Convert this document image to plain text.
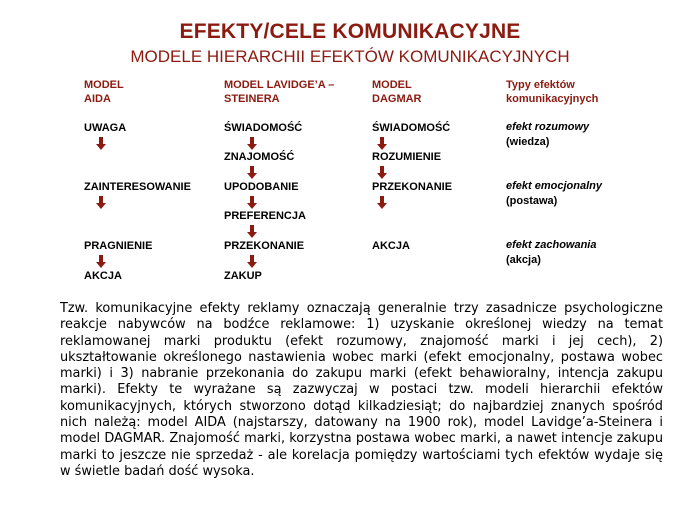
EFEKTY/CELE KOMUNIKACYJNE
MODELE HIERARCHII EFEKTÓW KOMUNIKACYJNYCH
MODEL
AIDA
MODEL LAVIDGE’A –
STEINERA
MODEL
DAGMAR
Typy efektów
komunikacyjnych
UWAGA
ZAINTERESOWANIE
PRAGNIENIE
AKCJA
ŚWIADOMOŚĆ
ZNAJOMOŚĆ
UPODOBANIE
PREFERENCJA
PRZEKONANIE
ZAKUP
ŚWIADOMOŚĆ
ROZUMIENIE
PRZEKONANIE
AKCJA
efekt rozumowy
(wiedza)
efekt emocjonalny
(postawa)
efekt zachowania
(akcja)
Tzw. komunikacyjne efekty reklamy oznaczają generalnie trzy zasadnicze psychologiczne reakcje nabywców na bodźce reklamowe: 1) uzyskanie określonej wiedzy na temat reklamowanej marki produktu (efekt rozumowy, znajomość marki i jej cech), 2) ukształtowanie określonego nastawienia wobec marki (efekt emocjonalny, postawa wobec marki) i 3) nabranie przekonania do zakupu marki (efekt behawioralny, intencja zakupu marki). Efekty te wyrażane są zazwyczaj w postaci tzw. modeli hierarchii efektów komunikacyjnych, których stworzono dotąd kilkadziesiąt; do najbardziej znanych spośród nich należą: model AIDA (najstarszy, datowany na 1900 rok), model Lavidge’a-Steinera i model DAGMAR. Znajomość marki, korzystna postawa wobec marki, a nawet intencje zakupu marki to jeszcze nie sprzedaż - ale korelacja pomiędzy wartościami tych efektów wydaje się w świetle badań dość wysoka.
